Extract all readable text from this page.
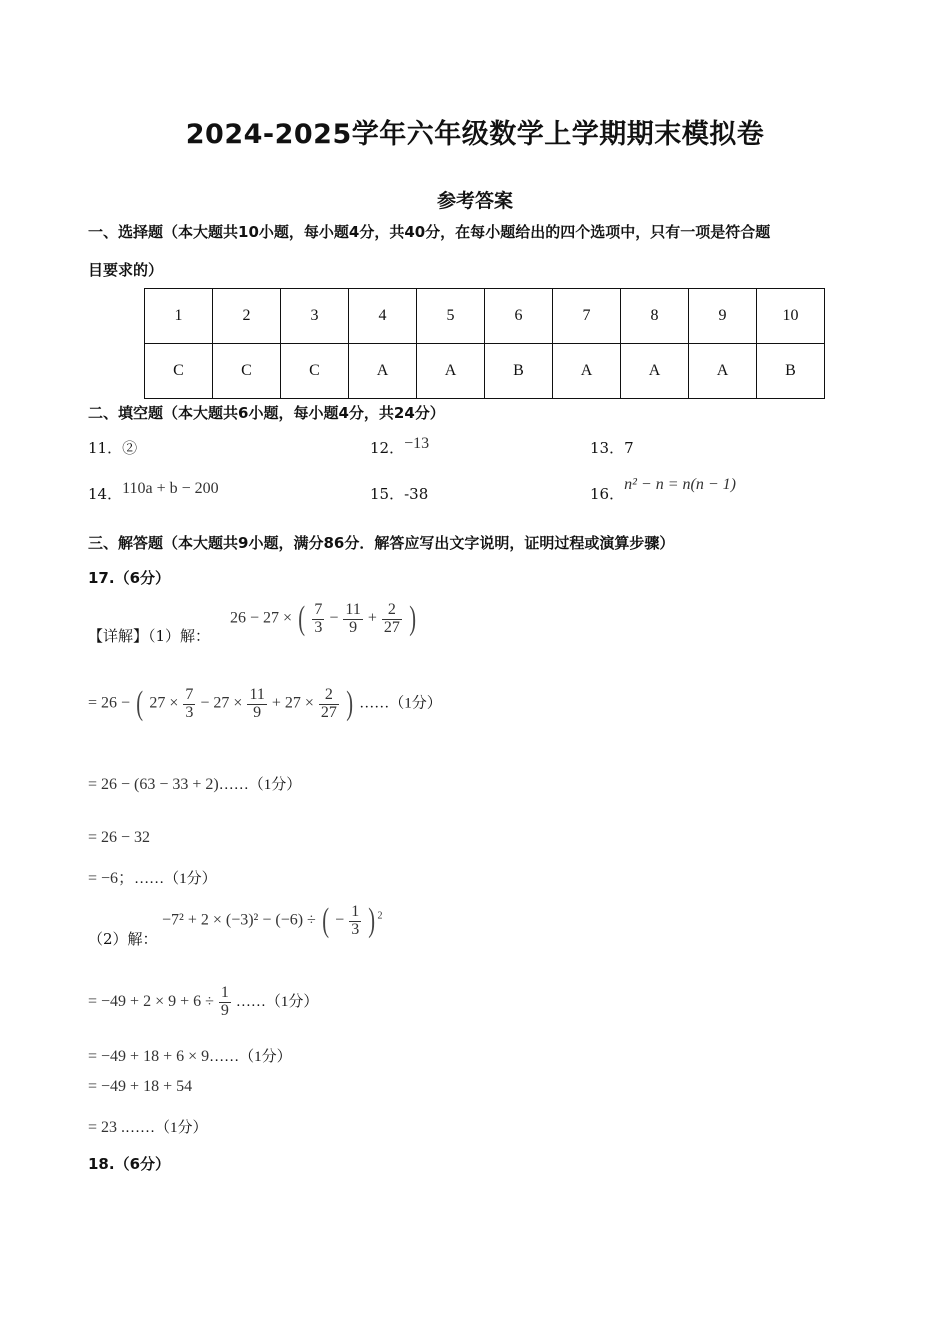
2024-2025学年六年级数学上学期期末模拟卷
参考答案
一、选择题（本大题共10小题，每小题4分，共40分，在每小题给出的四个选项中，只有一项是符合题
目要求的）
1	2	3	4	5	6	7	8	9	10
C	C	C	A	A	B	A	A	A	B
二、填空题（本大题共6小题，每小题4分，共24分）
11．②	12．−13	13．7
14．110a + b − 200	15．-38	16．n² − n = n(n − 1)
三、解答题（本大题共9小题，满分86分．解答应写出文字说明，证明过程或演算步骤）
17.（6分）
【详解】（1）解：
26 − 27 × ( $\frac{7}{3} - \frac{11}{9} + \frac{2}{27}$ )
= 26 − ( $27 \times \frac{7}{3} - 27 \times \frac{11}{9} + 27 \times \frac{2}{27}$ ) ……（1分）
= 26 − (63 − 33 + 2)……（1分）
= 26 − 32
= −6；……（1分）
（2）解：
−7² + 2 × (−3)² − (−6) ÷ ( − $\frac{1}{3}$ ) $^2$
= $-49 + 2 \times 9 + 6 \div \frac{1}{9}$ ……（1分）
= −49 + 18 + 6 × 9……（1分）
= −49 + 18 + 54
= 23 .……（1分）
18.（6分）
